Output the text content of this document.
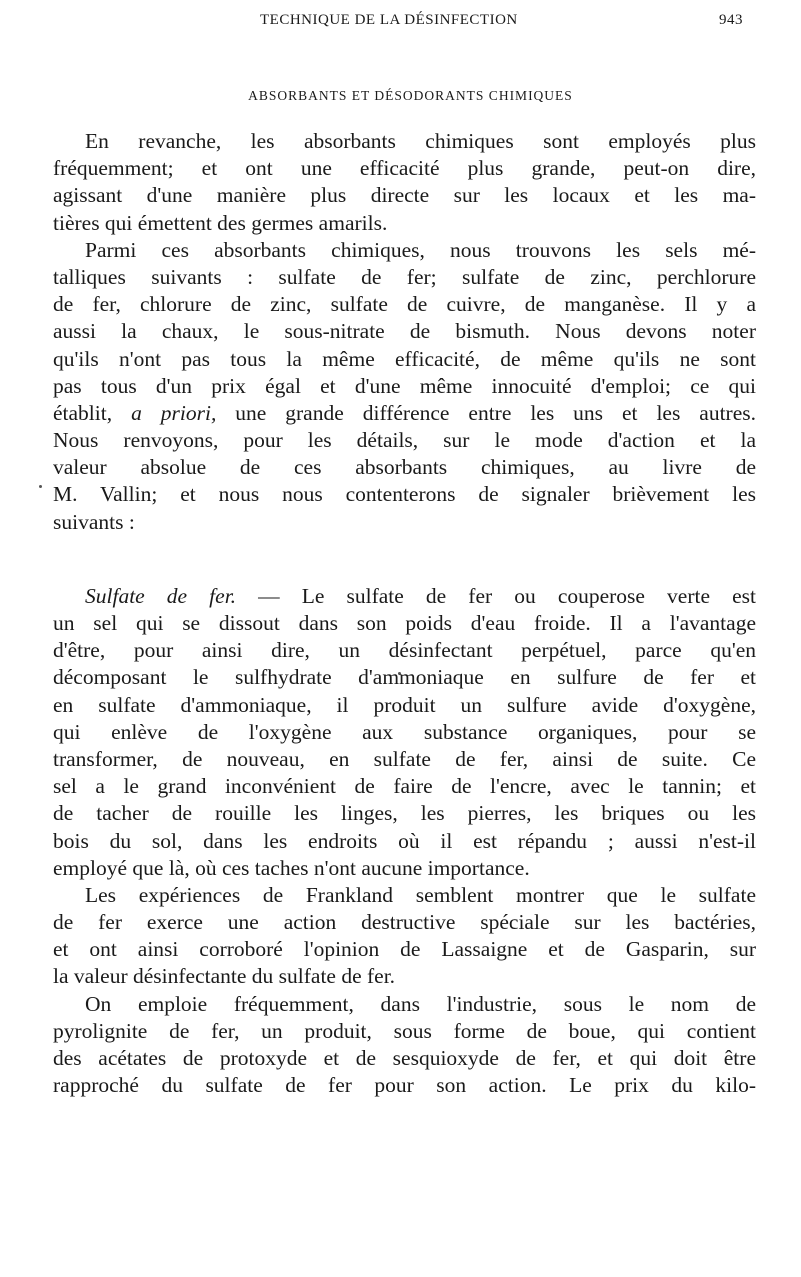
TECHNIQUE DE LA DÉSINFECTION	943
ABSORBANTS ET DÉSODORANTS CHIMIQUES
En revanche, les absorbants chimiques sont employés plus
fréquemment; et ont une efficacité plus grande, peut-on dire,
agissant d'une manière plus directe sur les locaux et les ma-
tières qui émettent des germes amarils.
Parmi ces absorbants chimiques, nous trouvons les sels mé-
talliques suivants : sulfate de fer; sulfate de zinc, perchlorure
de fer, chlorure de zinc, sulfate de cuivre, de manganèse. Il y a
aussi la chaux, le sous-nitrate de bismuth. Nous devons noter
qu'ils n'ont pas tous la même efficacité, de même qu'ils ne sont
pas tous d'un prix égal et d'une même innocuité d'emploi; ce qui
établit, a priori, une grande différence entre les uns et les autres.
Nous renvoyons, pour les détails, sur le mode d'action et la
valeur absolue de ces absorbants chimiques, au livre de
M. Vallin; et nous nous contenterons de signaler brièvement les
suivants :
Sulfate de fer. — Le sulfate de fer ou couperose verte est
un sel qui se dissout dans son poids d'eau froide. Il a l'avantage
d'être, pour ainsi dire, un désinfectant perpétuel, parce qu'en
décomposant le sulfhydrate d'ammoniaque en sulfure de fer et
en sulfate d'ammoniaque, il produit un sulfure avide d'oxygène,
qui enlève de l'oxygène aux substance organiques, pour se
transformer, de nouveau, en sulfate de fer, ainsi de suite. Ce
sel a le grand inconvénient de faire de l'encre, avec le tannin; et
de tacher de rouille les linges, les pierres, les briques ou les
bois du sol, dans les endroits où il est répandu ; aussi n'est-il
employé que là, où ces taches n'ont aucune importance.
Les expériences de Frankland semblent montrer que le sulfate
de fer exerce une action destructive spéciale sur les bactéries,
et ont ainsi corroboré l'opinion de Lassaigne et de Gasparin, sur
la valeur désinfectante du sulfate de fer.
On emploie fréquemment, dans l'industrie, sous le nom de
pyrolignite de fer, un produit, sous forme de boue, qui contient
des acétates de protoxyde et de sesquioxyde de fer, et qui doit être
rapproché du sulfate de fer pour son action. Le prix du kilo-
